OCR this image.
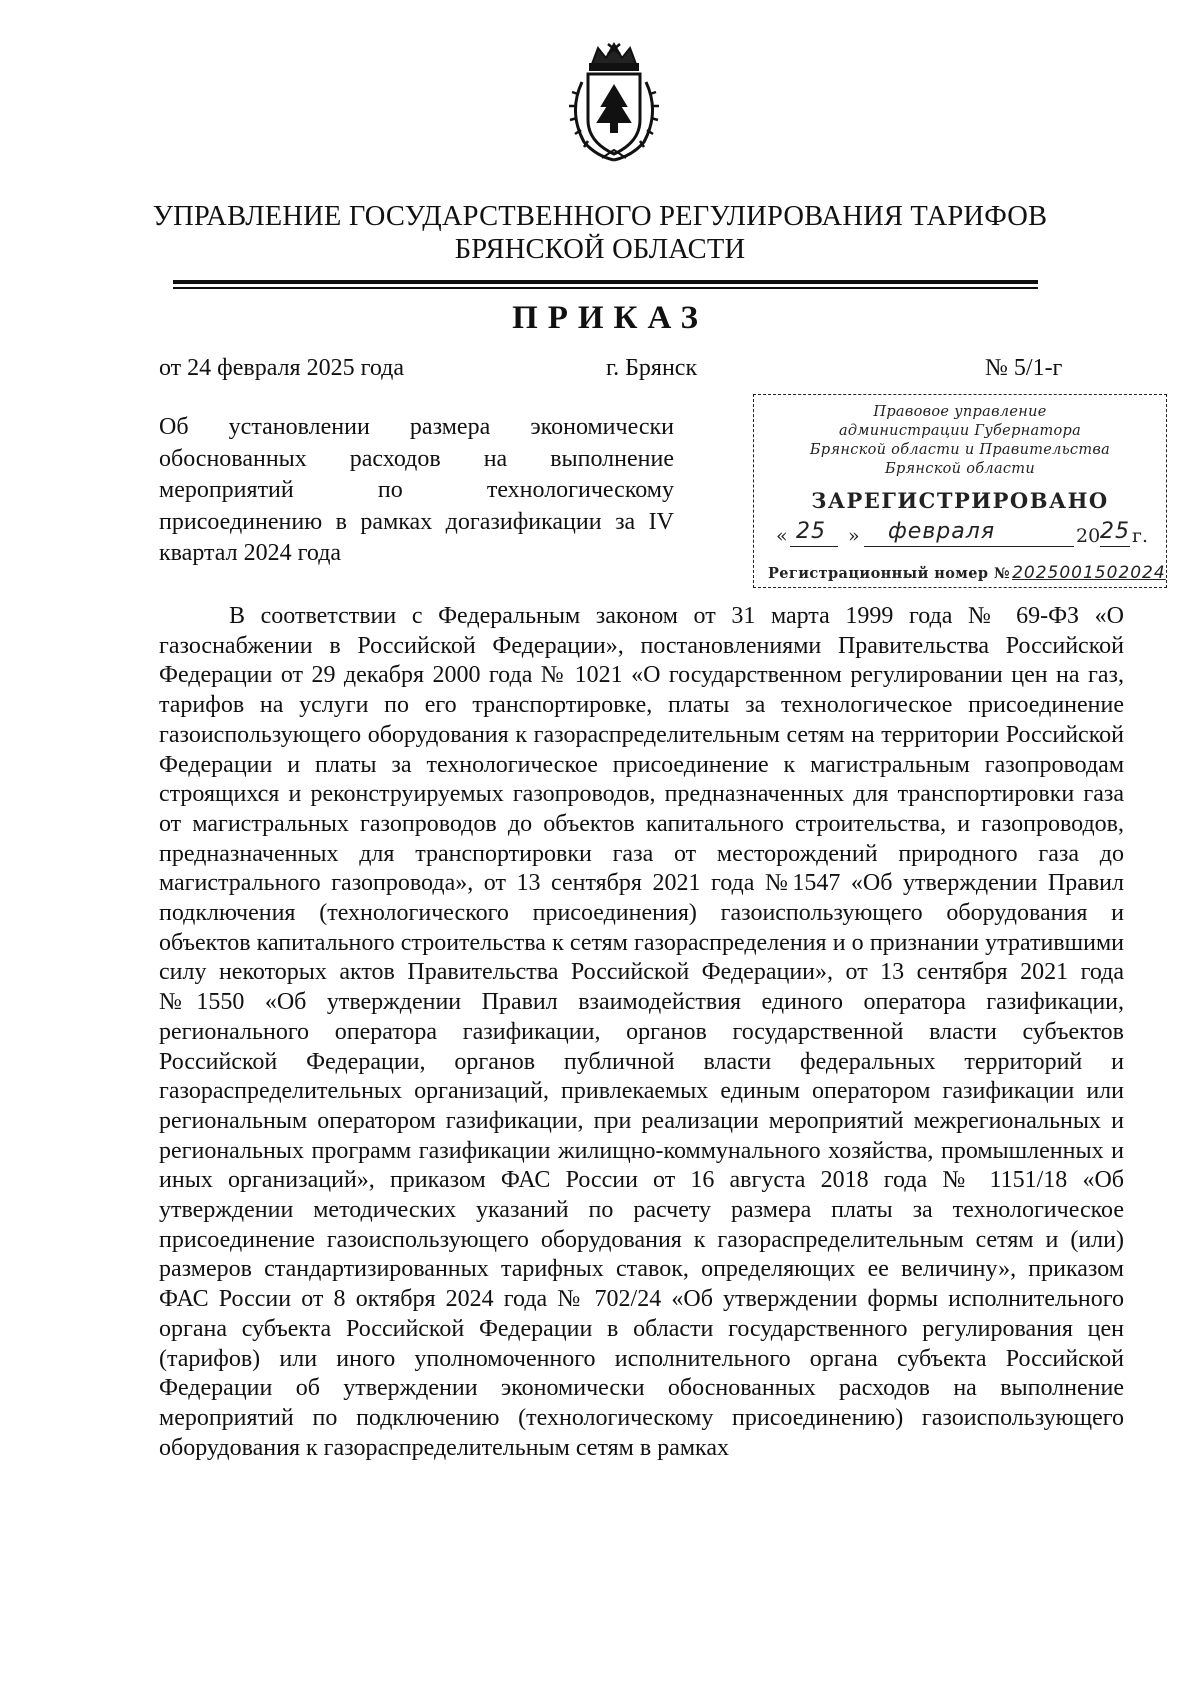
УПРАВЛЕНИЕ ГОСУДАРСТВЕННОГО РЕГУЛИРОВАНИЯ ТАРИФОВ
БРЯНСКОЙ ОБЛАСТИ
ПРИКАЗ
от 24 февраля 2025 года	г. Брянск	№ 5/1-г
Об установлении размера экономически обоснованных расходов на выполнение мероприятий по технологическому присоединению в рамках догазификации за IV квартал 2024 года
Правовое управление
администрации Губернатора
Брянской области и Правительства
Брянской области
ЗАРЕГИСТРИРОВАНО
« 25 » февраля	20 25 г.
Регистрационный номер № 2025001502024
В соответствии с Федеральным законом от 31 марта 1999 года № 69-ФЗ «О газоснабжении в Российской Федерации», постановлениями Правительства Российской Федерации от 29 декабря 2000 года № 1021 «О государственном регулировании цен на газ, тарифов на услуги по его транспортировке, платы за технологическое присоединение газоиспользующего оборудования к газораспределительным сетям на территории Российской Федерации и платы за технологическое присоединение к магистральным газопроводам строящихся и реконструируемых газопроводов, предназначенных для транспортировки газа от магистральных газопроводов до объектов капитального строительства, и газопроводов, предназначенных для транспортировки газа от месторождений природного газа до магистрального газопровода», от 13 сентября 2021 года №1547 «Об утверждении Правил подключения (технологического присоединения) газоиспользующего оборудования и объектов капитального строительства к сетям газораспределения и о признании утратившими силу некоторых актов Правительства Российской Федерации», от 13 сентября 2021 года №1550 «Об утверждении Правил взаимодействия единого оператора газификации, регионального оператора газификации, органов государственной власти субъектов Российской Федерации, органов публичной власти федеральных территорий и газораспределительных организаций, привлекаемых единым оператором газификации или региональным оператором газификации, при реализации мероприятий межрегиональных и региональных программ газификации жилищно-коммунального хозяйства, промышленных и иных организаций», приказом ФАС России от 16 августа 2018 года № 1151/18 «Об утверждении методических указаний по расчету размера платы за технологическое присоединение газоиспользующего оборудования к газораспределительным сетям и (или) размеров стандартизированных тарифных ставок, определяющих ее величину», приказом ФАС России от 8 октября 2024 года № 702/24 «Об утверждении формы исполнительного органа субъекта Российской Федерации в области государственного регулирования цен (тарифов) или иного уполномоченного исполнительного органа субъекта Российской Федерации об утверждении экономически обоснованных расходов на выполнение мероприятий по подключению (технологическому присоединению) газоиспользующего оборудования к газораспределительным сетям в рамках
